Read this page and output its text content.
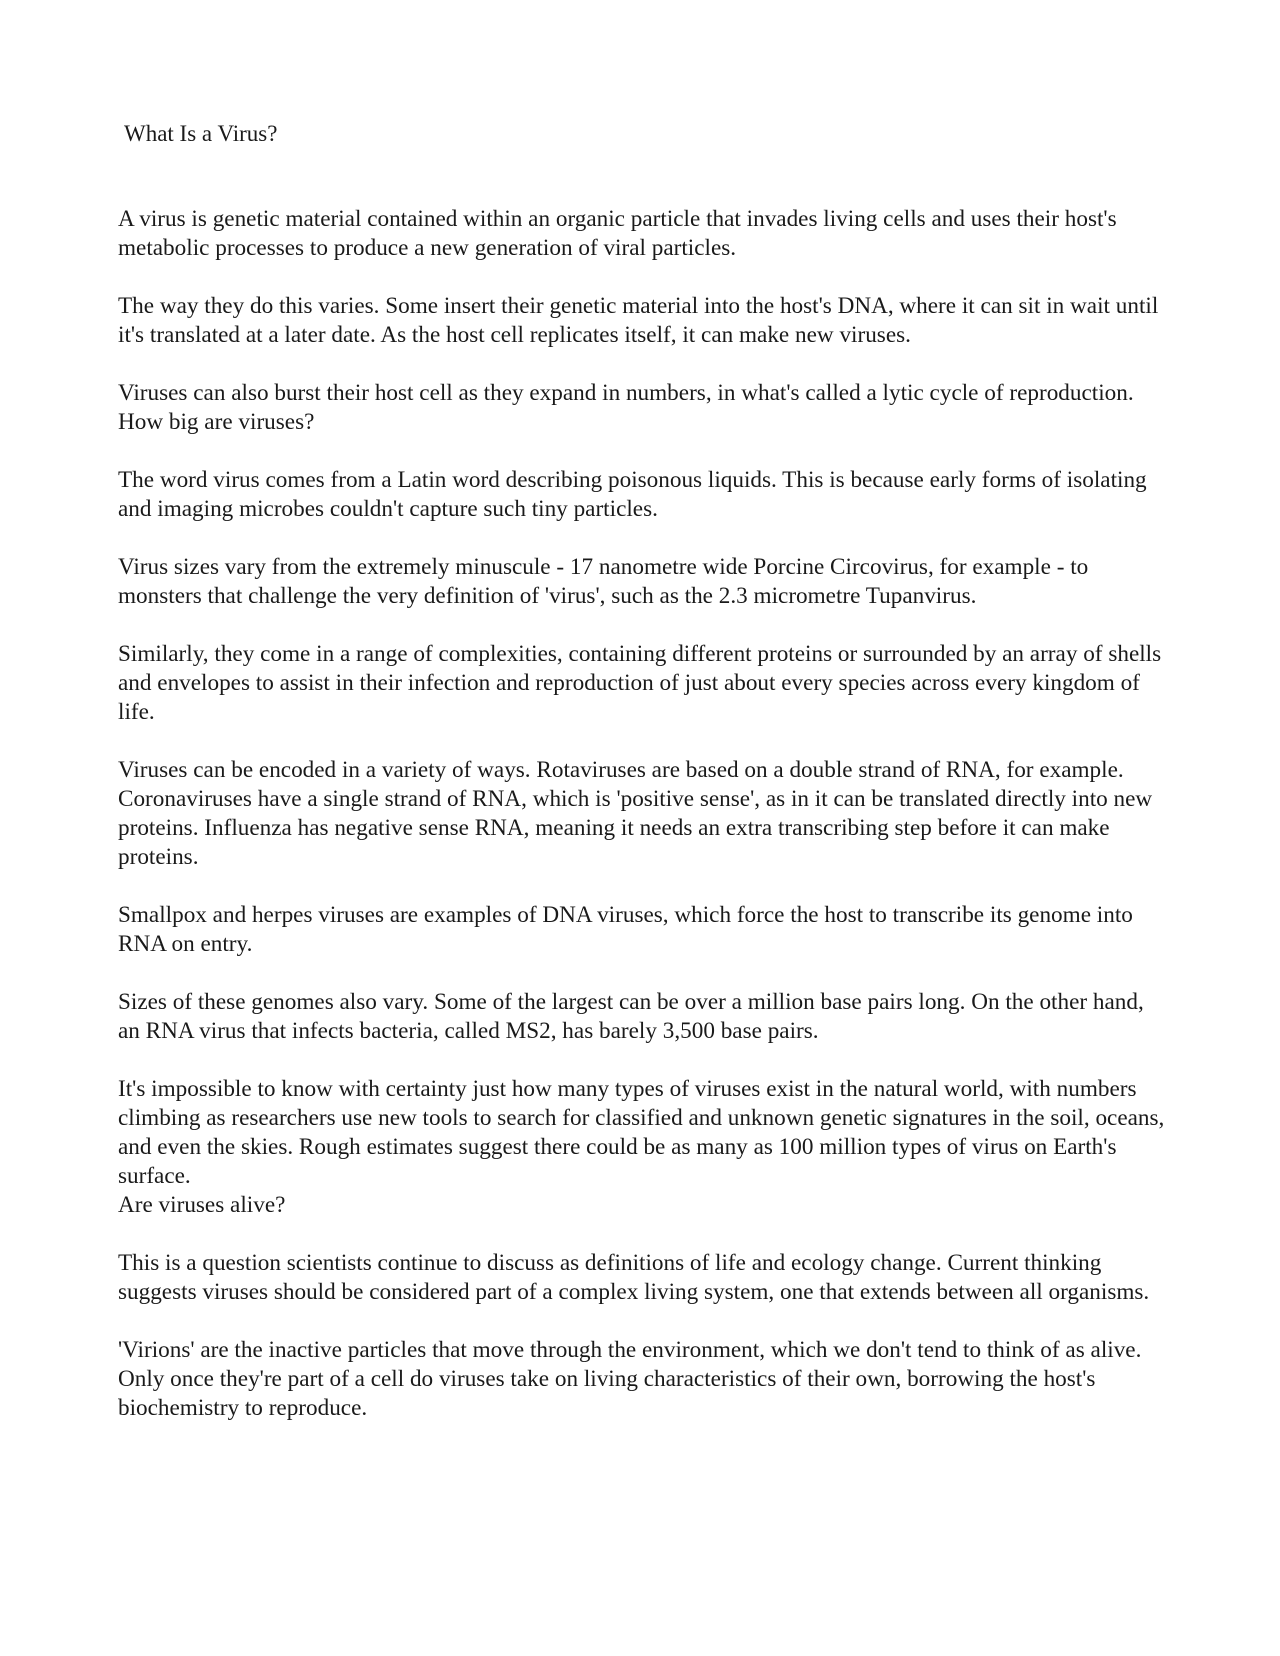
What Is a Virus?

A virus is genetic material contained within an organic particle that invades living cells and uses their host's metabolic processes to produce a new generation of viral particles.

The way they do this varies. Some insert their genetic material into the host's DNA, where it can sit in wait until it's translated at a later date. As the host cell replicates itself, it can make new viruses.

Viruses can also burst their host cell as they expand in numbers, in what's called a lytic cycle of reproduction.

How big are viruses?

The word virus comes from a Latin word describing poisonous liquids. This is because early forms of isolating and imaging microbes couldn't capture such tiny particles.

Virus sizes vary from the extremely minuscule - 17 nanometre wide Porcine Circovirus, for example - to monsters that challenge the very definition of 'virus', such as the 2.3 micrometre Tupanvirus.

Similarly, they come in a range of complexities, containing different proteins or surrounded by an array of shells and envelopes to assist in their infection and reproduction of just about every species across every kingdom of life.

Viruses can be encoded in a variety of ways. Rotaviruses are based on a double strand of RNA, for example. Coronaviruses have a single strand of RNA, which is 'positive sense', as in it can be translated directly into new proteins. Influenza has negative sense RNA, meaning it needs an extra transcribing step before it can make proteins.

Smallpox and herpes viruses are examples of DNA viruses, which force the host to transcribe its genome into RNA on entry.

Sizes of these genomes also vary. Some of the largest can be over a million base pairs long. On the other hand, an RNA virus that infects bacteria, called MS2, has barely 3,500 base pairs.

It's impossible to know with certainty just how many types of viruses exist in the natural world, with numbers climbing as researchers use new tools to search for classified and unknown genetic signatures in the soil, oceans, and even the skies. Rough estimates suggest there could be as many as 100 million types of virus on Earth's surface.

Are viruses alive?

This is a question scientists continue to discuss as definitions of life and ecology change. Current thinking suggests viruses should be considered part of a complex living system, one that extends between all organisms.

'Virions' are the inactive particles that move through the environment, which we don't tend to think of as alive. Only once they're part of a cell do viruses take on living characteristics of their own, borrowing the host's biochemistry to reproduce.
